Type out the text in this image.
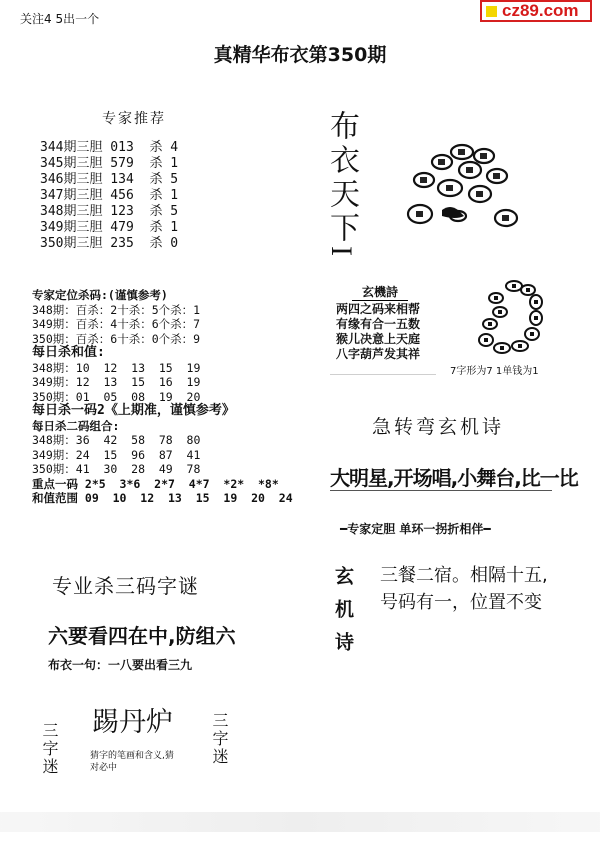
关注4 5出一个	cz89.com
真精华布衣第350期
专家推荐
344期三胆 013  杀 4
345期三胆 579  杀 1
346期三胆 134  杀 5
347期三胆 456  杀 1
348期三胆 123  杀 5
349期三胆 479  杀 1
350期三胆 235  杀 0
专家定位杀码:(谨慎参考)
348期：百杀：2十杀：5个杀：1
349期：百杀：4十杀：6个杀：7
350期：百杀：6十杀：0个杀：9
每日杀和值:
348期：10  12  13  15  19
349期：12  13  15  16  19
350期：01  05  08  19  20
每日杀一码2《上期准，谨慎参考》
每日杀二码组合:
348期：36  42  58  78  80
349期：24  15  96  87  41
350期：41  30  28  49  78
重点一码 2*5  3*6  2*7  4*7  *2*  *8*
和值范围 09  10  12  13  15  19  20  24
专业杀三码字谜
六要看四在中,防组六
布衣一句：一八要出看三九
踢丹炉
猜字的笔画和含义,猜对必中
三字迷	三字迷
布衣天下I
玄機詩
两四之码来相帮
有缘有合一五数
猴儿决意上天庭
八字葫芦发其祥
7字形为7 1单钱为1
急转弯玄机诗
大明星,开场唱,小舞台,比一比
━专家定胆 单环一拐折相伴━
玄机诗 三餐二宿。相隔十五,
号码有一，位置不变
